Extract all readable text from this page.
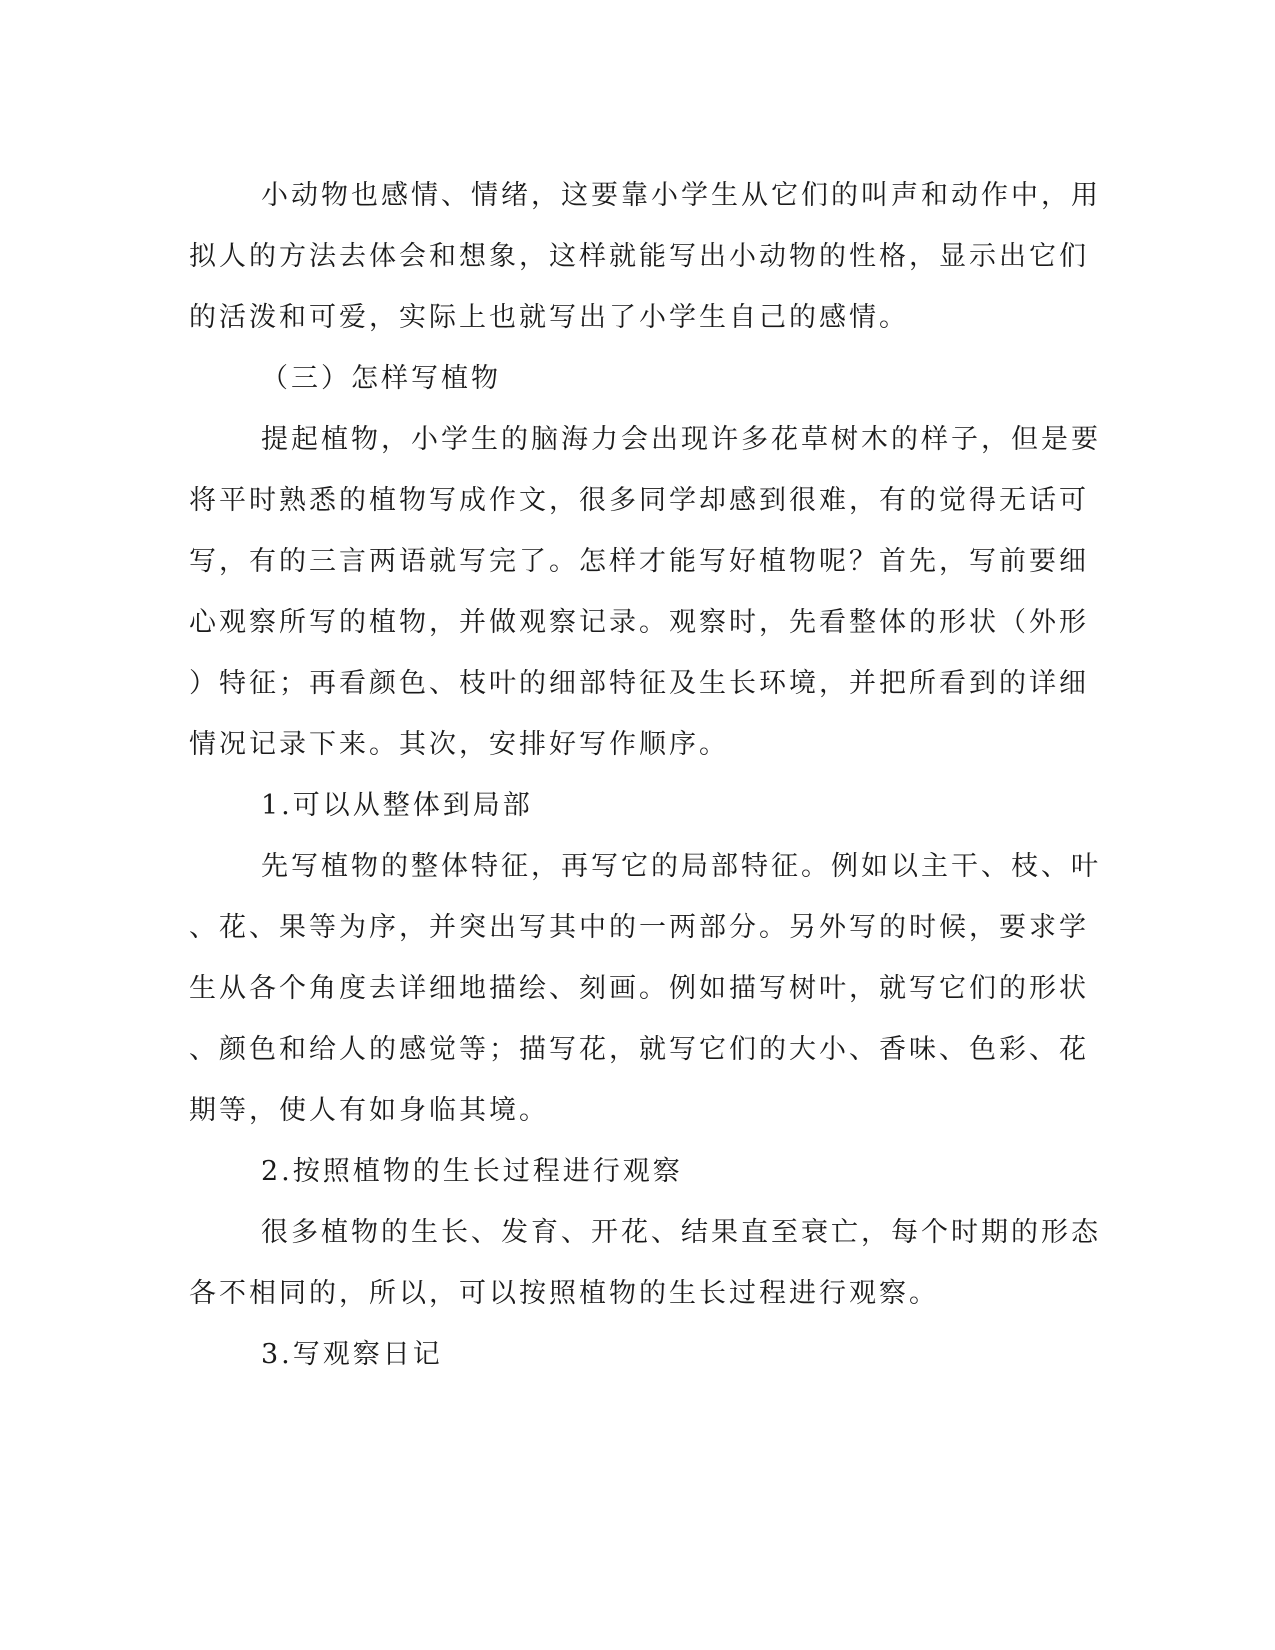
小动物也感情、情绪，这要靠小学生从它们的叫声和动作中，用
拟人的方法去体会和想象，这样就能写出小动物的性格，显示出它们
的活泼和可爱，实际上也就写出了小学生自己的感情。
（三）怎样写植物
提起植物，小学生的脑海力会出现许多花草树木的样子，但是要
将平时熟悉的植物写成作文，很多同学却感到很难，有的觉得无话可
写，有的三言两语就写完了。怎样才能写好植物呢？首先，写前要细
心观察所写的植物，并做观察记录。观察时，先看整体的形状（外形
）特征；再看颜色、枝叶的细部特征及生长环境，并把所看到的详细
情况记录下来。其次，安排好写作顺序。
1.可以从整体到局部
先写植物的整体特征，再写它的局部特征。例如以主干、枝、叶
、花、果等为序，并突出写其中的一两部分。另外写的时候，要求学
生从各个角度去详细地描绘、刻画。例如描写树叶，就写它们的形状
、颜色和给人的感觉等；描写花，就写它们的大小、香味、色彩、花
期等，使人有如身临其境。
2.按照植物的生长过程进行观察
很多植物的生长、发育、开花、结果直至衰亡，每个时期的形态
各不相同的，所以，可以按照植物的生长过程进行观察。
3.写观察日记
